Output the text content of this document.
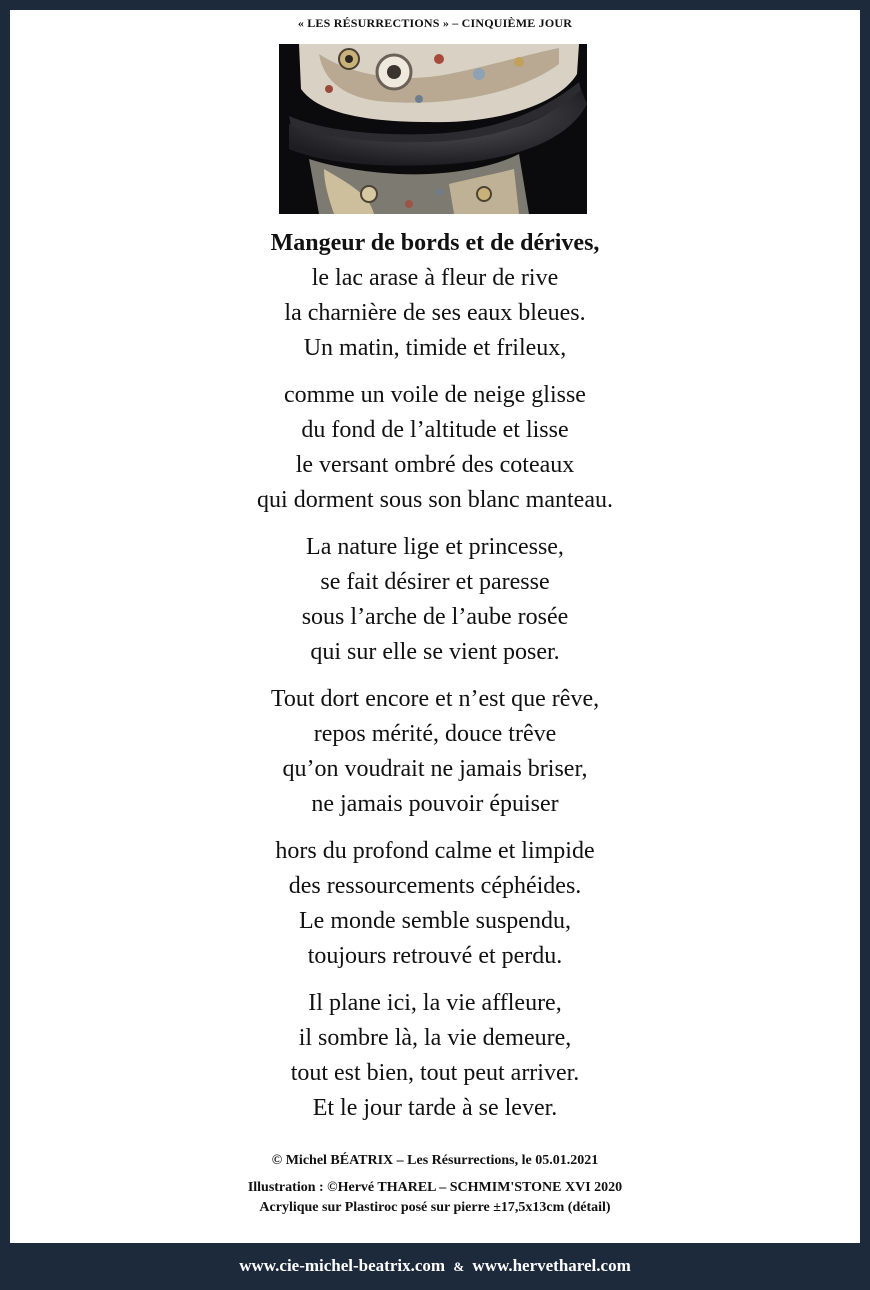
« LES RÉSURRECTIONS » – CINQUIÈME JOUR
Mangeur de bords et de dérives,
le lac arase à fleur de rive
la charnière de ses eaux bleues.
Un matin, timide et frileux,
comme un voile de neige glisse
du fond de l’altitude et lisse
le versant ombré des coteaux
qui dorment sous son blanc manteau.
La nature lige et princesse,
se fait désirer et paresse
sous l’arche de l’aube rosée
qui sur elle se vient poser.
Tout dort encore et n’est que rêve,
repos mérité, douce trêve
qu’on voudrait ne jamais briser,
ne jamais pouvoir épuiser
hors du profond calme et limpide
des ressourcements céphéides.
Le monde semble suspendu,
toujours retrouvé et perdu.
Il plane ici, la vie affleure,
il sombre là, la vie demeure,
tout est bien, tout peut arriver.
Et le jour tarde à se lever.
© Michel BÉATRIX – Les Résurrections, le 05.01.2021
Illustration : ©Hervé THAREL – SCHMIM'STONE XVI 2020
Acrylique sur Plastiroc posé sur pierre ±17,5x13cm (détail)
www.cie-michel-beatrix.com & www.hervetharel.com
